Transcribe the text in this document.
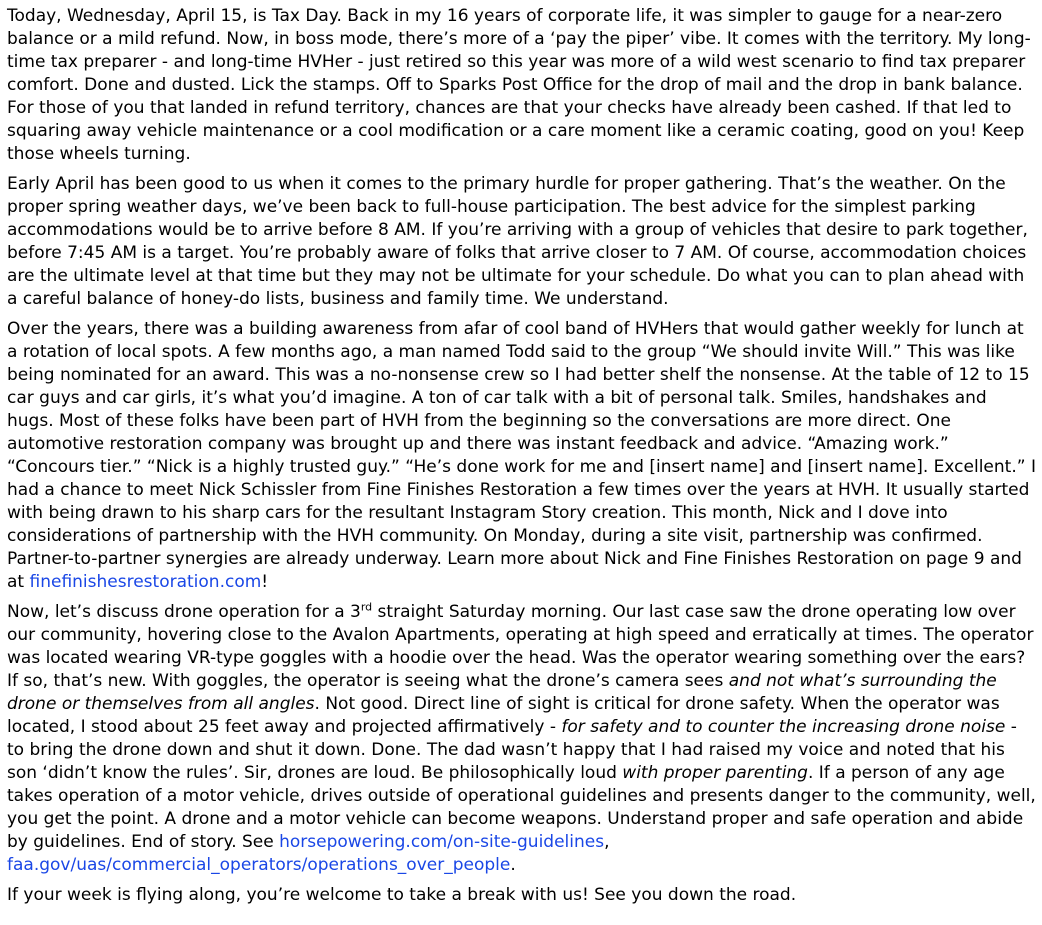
Today, Wednesday, April 15, is Tax Day. Back in my 16 years of corporate life, it was simpler to gauge for a near-zero balance or a mild refund. Now, in boss mode, there’s more of a ‘pay the piper’ vibe. It comes with the territory. My long-time tax preparer - and long-time HVHer - just retired so this year was more of a wild west scenario to find tax preparer comfort. Done and dusted. Lick the stamps. Off to Sparks Post Office for the drop of mail and the drop in bank balance. For those of you that landed in refund territory, chances are that your checks have already been cashed. If that led to squaring away vehicle maintenance or a cool modification or a care moment like a ceramic coating, good on you! Keep those wheels turning.

Early April has been good to us when it comes to the primary hurdle for proper gathering. That’s the weather. On the proper spring weather days, we’ve been back to full-house participation. The best advice for the simplest parking accommodations would be to arrive before 8 AM. If you’re arriving with a group of vehicles that desire to park together, before 7:45 AM is a target. You’re probably aware of folks that arrive closer to 7 AM. Of course, accommodation choices are the ultimate level at that time but they may not be ultimate for your schedule. Do what you can to plan ahead with a careful balance of honey-do lists, business and family time. We understand.

Over the years, there was a building awareness from afar of cool band of HVHers that would gather weekly for lunch at a rotation of local spots. A few months ago, a man named Todd said to the group “We should invite Will.” This was like being nominated for an award. This was a no-nonsense crew so I had better shelf the nonsense. At the table of 12 to 15 car guys and car girls, it’s what you’d imagine. A ton of car talk with a bit of personal talk. Smiles, handshakes and hugs. Most of these folks have been part of HVH from the beginning so the conversations are more direct. One automotive restoration company was brought up and there was instant feedback and advice. “Amazing work.” “Concours tier.” “Nick is a highly trusted guy.” “He’s done work for me and [insert name] and [insert name]. Excellent.” I had a chance to meet Nick Schissler from Fine Finishes Restoration a few times over the years at HVH. It usually started with being drawn to his sharp cars for the resultant Instagram Story creation. This month, Nick and I dove into considerations of partnership with the HVH community. On Monday, during a site visit, partnership was confirmed. Partner-to-partner synergies are already underway. Learn more about Nick and Fine Finishes Restoration on page 9 and at finefinishesrestoration.com!

Now, let’s discuss drone operation for a 3rd straight Saturday morning. Our last case saw the drone operating low over our community, hovering close to the Avalon Apartments, operating at high speed and erratically at times. The operator was located wearing VR-type goggles with a hoodie over the head. Was the operator wearing something over the ears? If so, that’s new. With goggles, the operator is seeing what the drone’s camera sees and not what’s surrounding the drone or themselves from all angles. Not good. Direct line of sight is critical for drone safety. When the operator was located, I stood about 25 feet away and projected affirmatively - for safety and to counter the increasing drone noise - to bring the drone down and shut it down. Done. The dad wasn’t happy that I had raised my voice and noted that his son ‘didn’t know the rules’. Sir, drones are loud. Be philosophically loud with proper parenting. If a person of any age takes operation of a motor vehicle, drives outside of operational guidelines and presents danger to the community, well, you get the point. A drone and a motor vehicle can become weapons. Understand proper and safe operation and abide by guidelines. End of story. See horsepowering.com/on-site-guidelines, faa.gov/uas/commercial_operators/operations_over_people.

If your week is flying along, you’re welcome to take a break with us! See you down the road.
